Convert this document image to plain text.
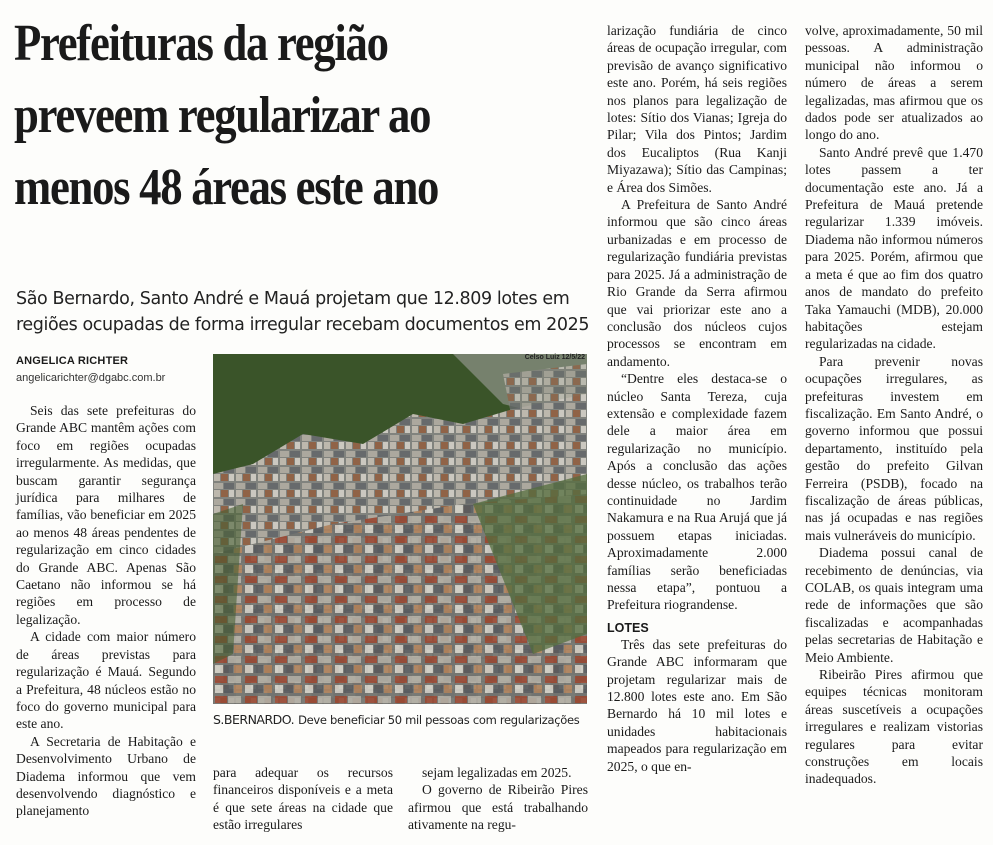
Prefeituras da região
preveem regularizar ao
menos 48 áreas este ano
São Bernardo, Santo André e Mauá projetam que 12.809 lotes em
regiões ocupadas de forma irregular recebam documentos em 2025
ANGELICA RICHTER
angelicarichter@dgabc.com.br

Seis das sete prefeituras do Grande ABC mantêm ações com foco em regiões ocupadas irregularmente. As medidas, que buscam garantir segurança jurídica para milhares de famílias, vão beneficiar em 2025 ao menos 48 áreas pendentes de regularização em cinco cidades do Grande ABC. Apenas São Caetano não informou se há regiões em processo de legalização.

A cidade com maior número de áreas previstas para regularização é Mauá. Segundo a Prefeitura, 48 núcleos estão no foco do governo municipal para este ano.

A Secretaria de Habitação e Desenvolvimento Urbano de Diadema informou que vem desenvolvendo diagnóstico e planejamento

Celso Luiz 12/5/22
S.BERNARDO. Deve beneficiar 50 mil pessoas com regularizações

para adequar os recursos financeiros disponíveis e a meta é que sete áreas na cidade que estão irregulares

sejam legalizadas em 2025.

O governo de Ribeirão Pires afirmou que está trabalhando ativamente na regu-

larização fundiária de cinco áreas de ocupação irregular, com previsão de avanço significativo este ano. Porém, há seis regiões nos planos para legalização de lotes: Sítio dos Vianas; Igreja do Pilar; Vila dos Pintos; Jardim dos Eucaliptos (Rua Kanji Miyazawa); Sítio das Campinas; e Área dos Simões.

A Prefeitura de Santo André informou que são cinco áreas urbanizadas e em processo de regularização fundiária previstas para 2025. Já a administração de Rio Grande da Serra afirmou que vai priorizar este ano a conclusão dos núcleos cujos processos se encontram em andamento.

“Dentre eles destaca-se o núcleo Santa Tereza, cuja extensão e complexidade fazem dele a maior área em regularização no município. Após a conclusão das ações desse núcleo, os trabalhos terão continuidade no Jardim Nakamura e na Rua Arujá que já possuem etapas iniciadas. Aproximadamente 2.000 famílias serão beneficiadas nessa etapa”, pontuou a Prefeitura riograndense.

LOTES

Três das sete prefeituras do Grande ABC informaram que projetam regularizar mais de 12.800 lotes este ano. Em São Bernardo há 10 mil lotes e unidades habitacionais mapeados para regularização em 2025, o que en-

volve, aproximadamente, 50 mil pessoas. A administração municipal não informou o número de áreas a serem legalizadas, mas afirmou que os dados pode ser atualizados ao longo do ano.

Santo André prevê que 1.470 lotes passem a ter documentação este ano. Já a Prefeitura de Mauá pretende regularizar 1.339 imóveis. Diadema não informou números para 2025. Porém, afirmou que a meta é que ao fim dos quatro anos de mandato do prefeito Taka Yamauchi (MDB), 20.000 habitações estejam regularizadas na cidade.

Para prevenir novas ocupações irregulares, as prefeituras investem em fiscalização. Em Santo André, o governo informou que possui departamento, instituído pela gestão do prefeito Gilvan Ferreira (PSDB), focado na fiscalização de áreas públicas, nas já ocupadas e nas regiões mais vulneráveis do município.

Diadema possui canal de recebimento de denúncias, via COLAB, os quais integram uma rede de informações que são fiscalizadas e acompanhadas pelas secretarias de Habitação e Meio Ambiente.

Ribeirão Pires afirmou que equipes técnicas monitoram áreas suscetíveis a ocupações irregulares e realizam vistorias regulares para evitar construções em locais inadequados.
